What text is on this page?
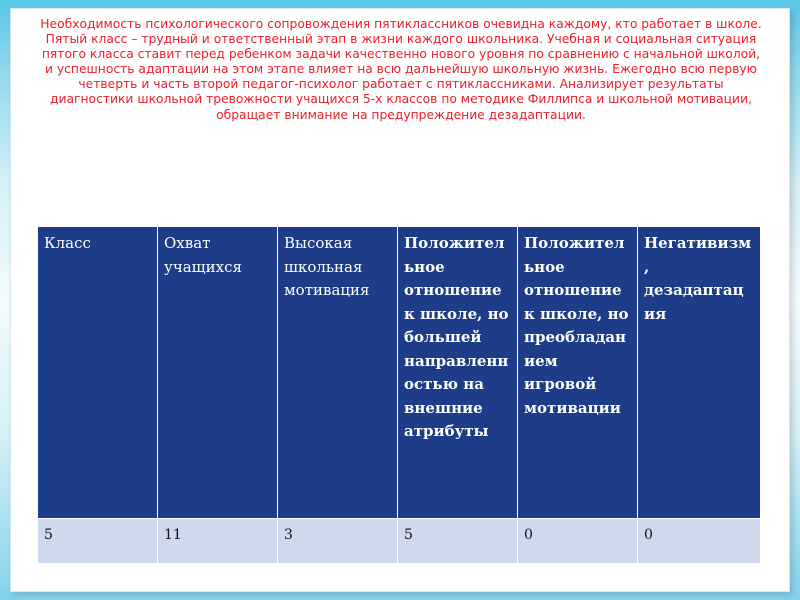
Необходимость психологического сопровождения пятиклассников очевидна каждому, кто работает в школе. Пятый класс – трудный и ответственный этап в жизни каждого школьника. Учебная и социальная ситуация пятого класса ставит перед ребенком задачи качественно нового уровня по сравнению с начальной школой, и успешность адаптации на этом этапе влияет на всю дальнейшую школьную жизнь. Ежегодно всю первую четверть и часть второй педагог-психолог работает с пятиклассниками. Анализирует результаты диагностики школьной тревожности учащихся 5-х классов по методике Филлипса и школьной мотивации, обращает внимание на предупреждение дезадаптации.

Класс	Охват учащихся	Высокая школьная мотивация	Положительное отношение к школе, но большей направленностью на внешние атрибуты	Положительное отношение к школе, но преобладанием игровой мотивации	Негативизм, дезадаптация
5	11	3	5	0	0
